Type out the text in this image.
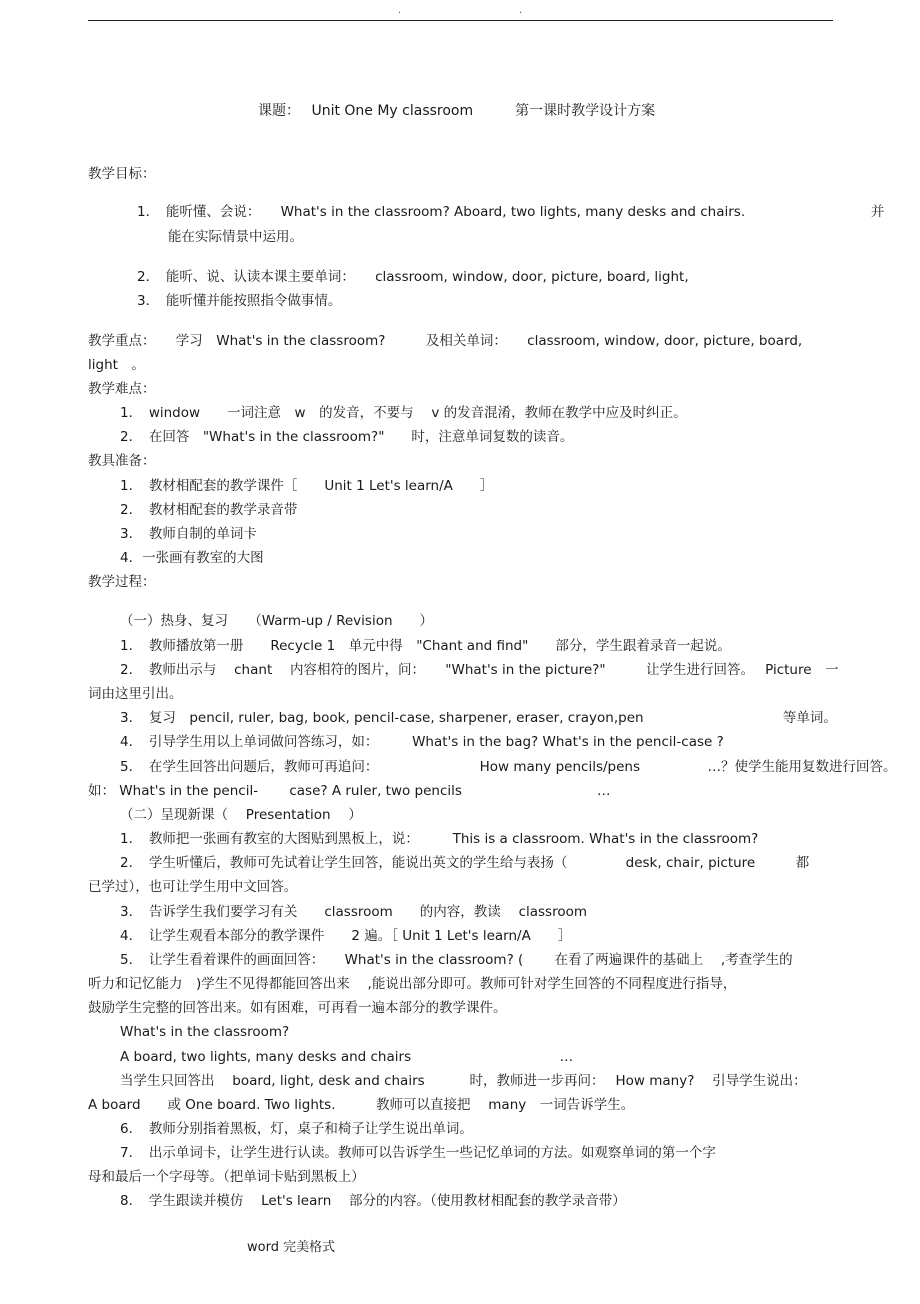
.	.
课题：　 Unit One My classroom　　　第一课时教学设计方案
教学目标：
1．　能听懂、会说：　　What's in the classroom? Aboard, two lights, many desks and chairs.　　　　　　　　　 并
能在实际情景中运用。
2．　能听、说、认读本课主要单词：　　classroom, window, door, picture, board, light,
3．　能听懂并能按照指令做事情。
教学重点：　　学习　What's in the classroom?　　　及相关单词：　　classroom, window, door, picture, board,
light　。
教学难点：
1．　window　　一词注意　w　的发音，不要与　 v 的发音混淆，教师在教学中应及时纠正。
2．　在回答　"What's in the classroom?"　　时，注意单词复数的读音。
教具准备：
1．　教材相配套的教学课件［　　Unit 1 Let's learn/A　　］
2．　教材相配套的教学录音带
3．　教师自制的单词卡
4．一张画有教室的大图
教学过程：
（一）热身、复习　　（Warm-up / Revision　　）
1．　教师播放第一册　　Recycle 1　单元中得　"Chant and find"　　部分，学生跟着录音一起说。
2．　教师出示与　 chant　 内容相符的图片，问：　　"What's in the picture?"　　　让学生进行回答。　 Picture　一
词由这里引出。
3．　复习　pencil, ruler, bag, book, pencil-case, sharpener, eraser, crayon,pen　　　　　　　　　　 等单词。
4．　引导学生用以上单词做问答练习，如：　　　What's in the bag? What's in the pencil-case ?
5．　在学生回答出问题后，教师可再追问：　　　　　　　　How many pencils/pens　　　　　…？使学生能用复数进行回答。
如： What's in the pencil-　　 case? A ruler, two pencils　　　　　　　　　　…
（二）呈现新课（　 Presentation　 ）
1．　教师把一张画有教室的大图贴到黑板上，说：　　　This is a classroom. What's in the classroom?
2．　学生听懂后，教师可先试着让学生回答，能说出英文的学生给与表扬（　　　　 desk, chair, picture　　　都
已学过），也可让学生用中文回答。
3．　告诉学生我们要学习有关　　classroom　　的内容，教读　 classroom
4．　让学生观看本部分的教学课件　　2 遍。［ Unit 1 Let's learn/A　　］
5．　让学生看着课件的画面回答：　　What's in the classroom? (　　 在看了两遍课件的基础上　 ,考查学生的
听力和记忆能力　)学生不见得都能回答出来　 ,能说出部分即可。教师可针对学生回答的不同程度进行指导，
鼓励学生完整的回答出来。如有困难，可再看一遍本部分的教学课件。
What's in the classroom?
A board, two lights, many desks and chairs　　　　　　　　　　　…
当学生只回答出　 board, light, desk and chairs　　　 时，教师进一步再问：　 How many?　 引导学生说出：
A board　　或 One board. Two lights.　　　教师可以直接把　 many　一词告诉学生。
6．　教师分别指着黑板，灯，桌子和椅子让学生说出单词。
7．　出示单词卡，让学生进行认读。教师可以告诉学生一些记忆单词的方法。如观察单词的第一个字
母和最后一个字母等。（把单词卡贴到黑板上）
8．　学生跟读并模仿　 Let's learn　 部分的内容。（使用教材相配套的教学录音带）
word 完美格式
